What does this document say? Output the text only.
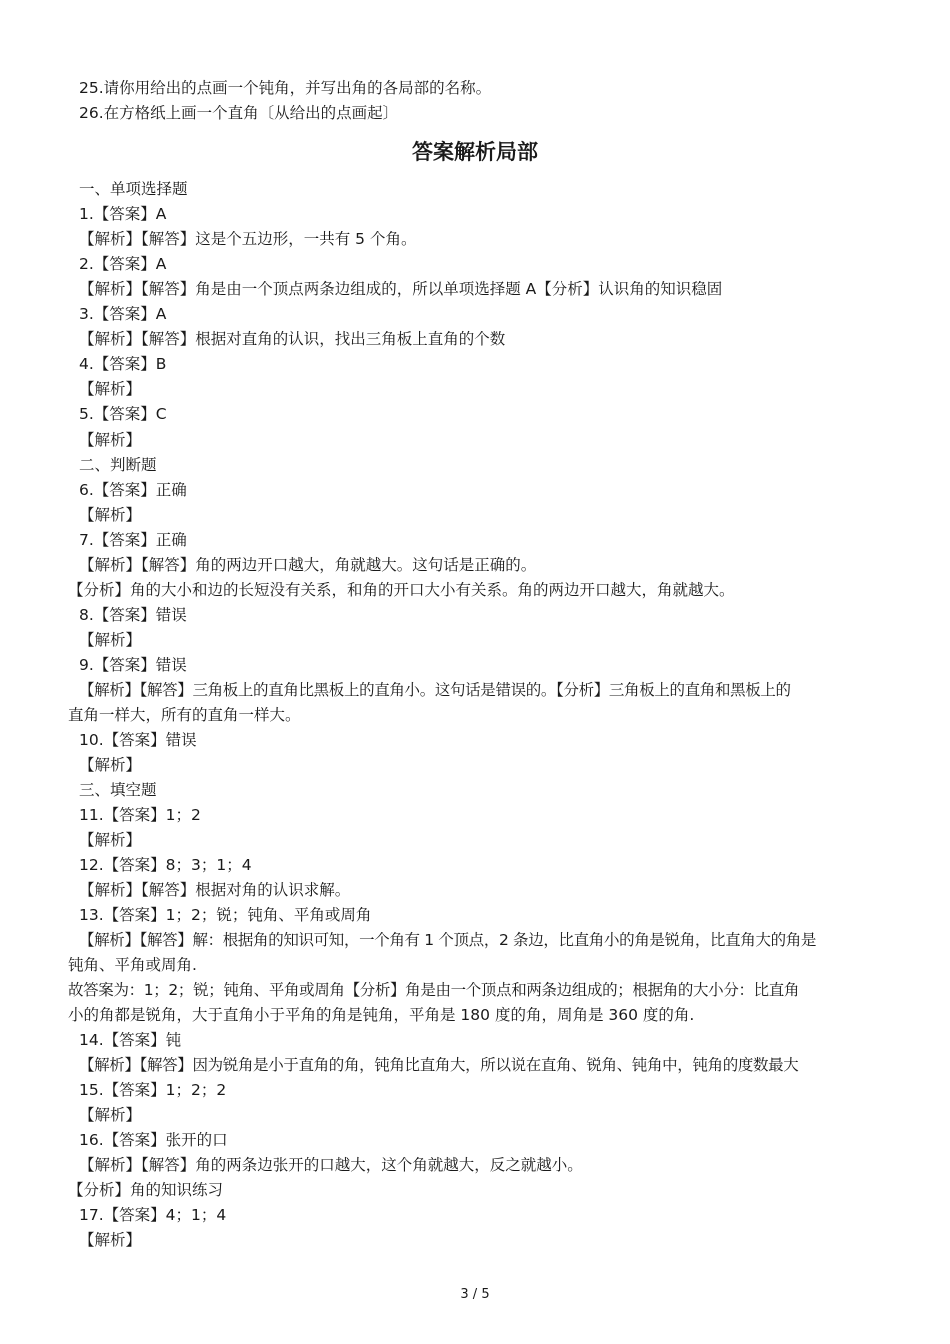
25.请你用给出的点画一个钝角，并写出角的各局部的名称。
26.在方格纸上画一个直角〔从给出的点画起〕
答案解析局部
一、单项选择题
1.【答案】A
【解析】【解答】这是个五边形，一共有 5 个角。
2.【答案】A
【解析】【解答】角是由一个顶点两条边组成的，所以单项选择题 A【分析】认识角的知识稳固
3.【答案】A
【解析】【解答】根据对直角的认识，找出三角板上直角的个数
4.【答案】B
【解析】
5.【答案】C
【解析】
二、判断题
6.【答案】正确
【解析】
7.【答案】正确
【解析】【解答】角的两边开口越大，角就越大。这句话是正确的。
【分析】角的大小和边的长短没有关系，和角的开口大小有关系。角的两边开口越大，角就越大。
8.【答案】错误
【解析】
9.【答案】错误
【解析】【解答】三角板上的直角比黑板上的直角小。这句话是错误的。【分析】三角板上的直角和黑板上的
直角一样大，所有的直角一样大。
10.【答案】错误
【解析】
三、填空题
11.【答案】1；2
【解析】
12.【答案】8；3；1；4
【解析】【解答】根据对角的认识求解。
13.【答案】1；2；锐；钝角、平角或周角
【解析】【解答】解：根据角的知识可知，一个角有 1 个顶点，2 条边，比直角小的角是锐角，比直角大的角是
钝角、平角或周角.
故答案为：1；2；锐；钝角、平角或周角【分析】角是由一个顶点和两条边组成的；根据角的大小分：比直角
小的角都是锐角，大于直角小于平角的角是钝角，平角是 180 度的角，周角是 360 度的角.
14.【答案】钝
【解析】【解答】因为锐角是小于直角的角，钝角比直角大，所以说在直角、锐角、钝角中，钝角的度数最大
15.【答案】1；2；2
【解析】
16.【答案】张开的口
【解析】【解答】角的两条边张开的口越大，这个角就越大，反之就越小。
【分析】角的知识练习
17.【答案】4；1；4
【解析】
3 / 5
